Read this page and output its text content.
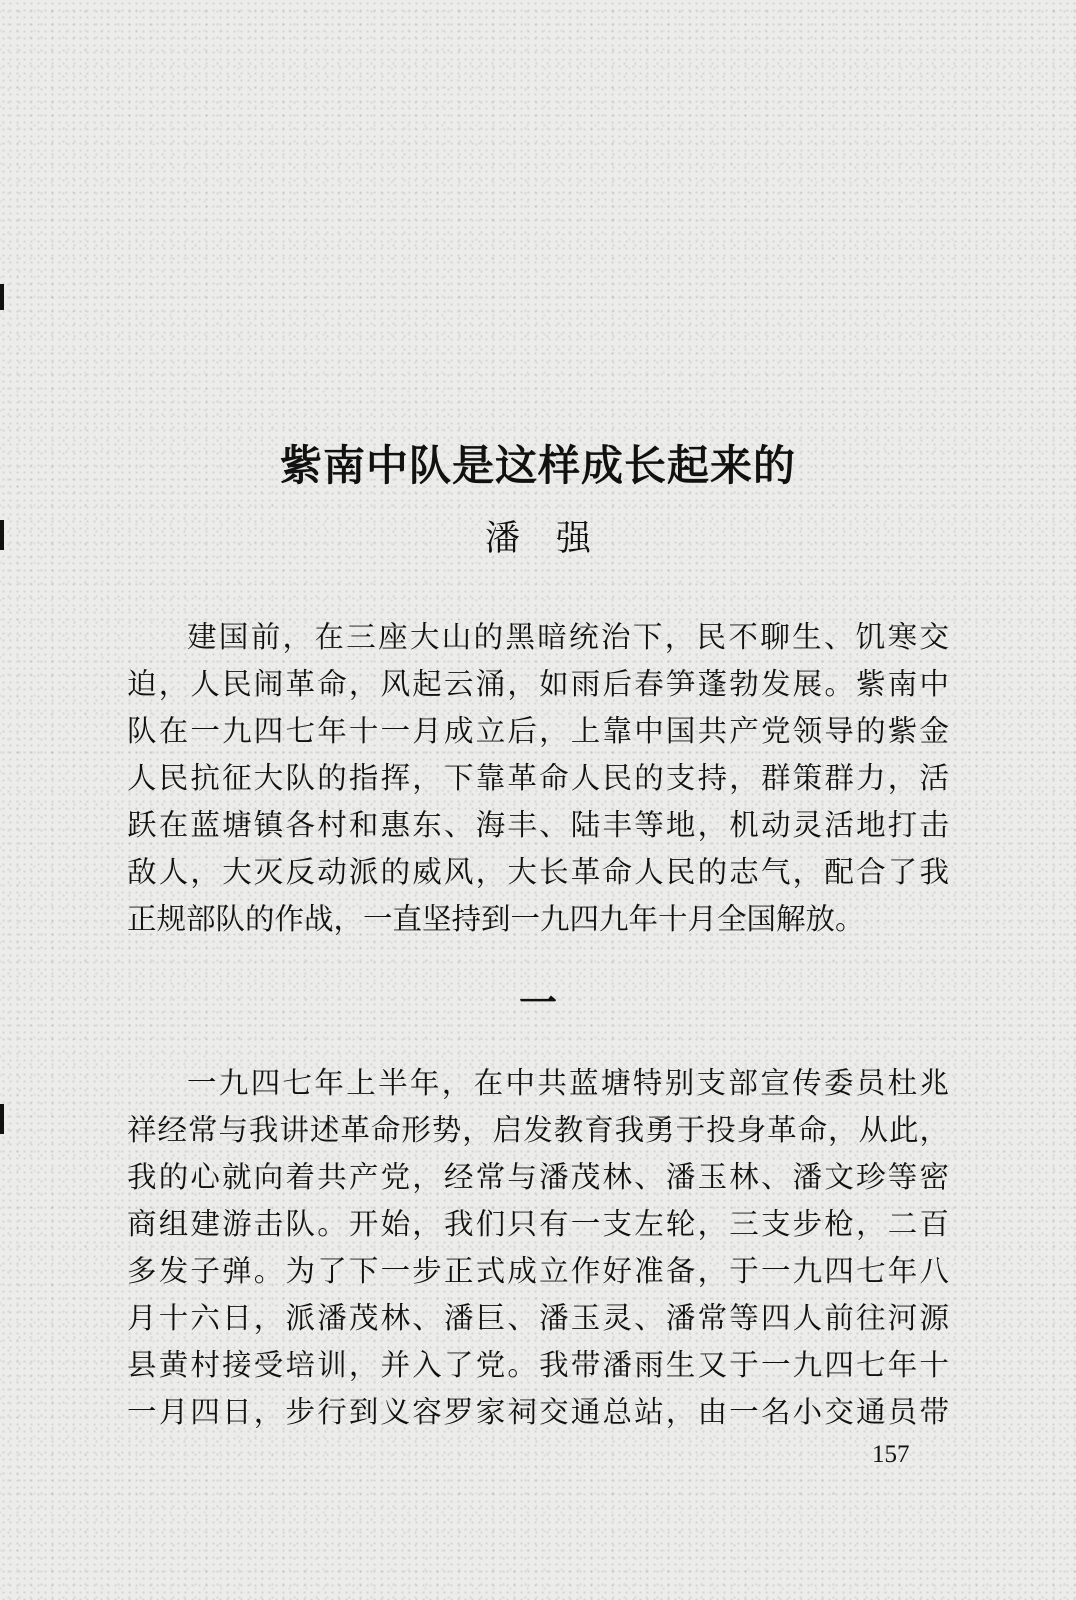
紫南中队是这样成长起来的
潘强
建国前，在三座大山的黑暗统治下，民不聊生、饥寒交
迫，人民闹革命，风起云涌，如雨后春笋蓬勃发展。紫南中
队在一九四七年十一月成立后，上靠中国共产党领导的紫金
人民抗征大队的指挥，下靠革命人民的支持，群策群力，活
跃在蓝塘镇各村和惠东、海丰、陆丰等地，机动灵活地打击
敌人，大灭反动派的威风，大长革命人民的志气，配合了我
正规部队的作战，一直坚持到一九四九年十月全国解放。
一
一九四七年上半年，在中共蓝塘特别支部宣传委员杜兆
祥经常与我讲述革命形势，启发教育我勇于投身革命，从此，
我的心就向着共产党，经常与潘茂林、潘玉林、潘文珍等密
商组建游击队。开始，我们只有一支左轮，三支步枪，二百
多发子弹。为了下一步正式成立作好准备，于一九四七年八
月十六日，派潘茂林、潘巨、潘玉灵、潘常等四人前往河源
县黄村接受培训，并入了党。我带潘雨生又于一九四七年十
一月四日，步行到义容罗家祠交通总站，由一名小交通员带
157
